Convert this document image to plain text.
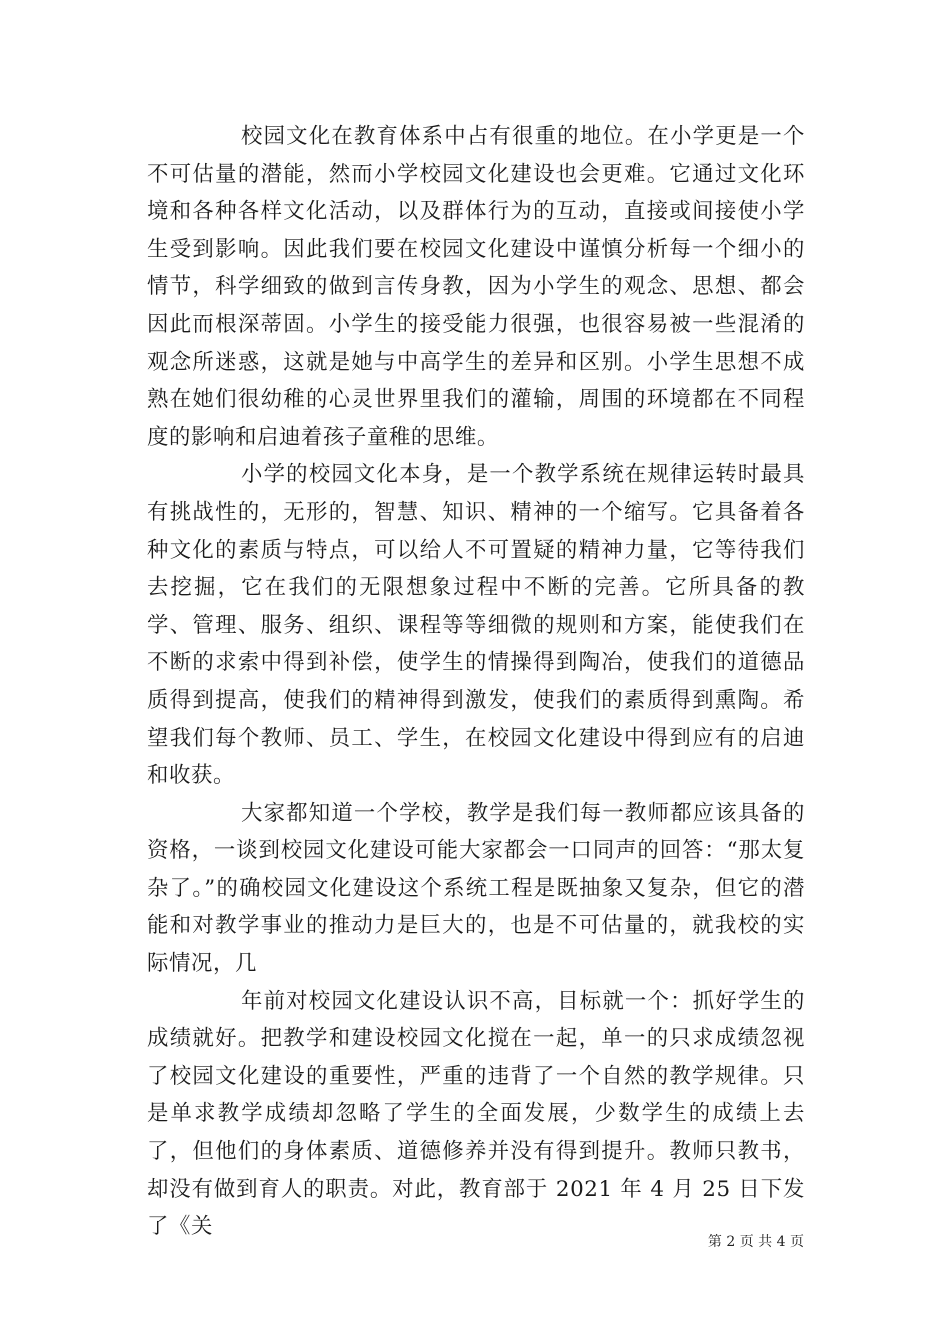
校园文化在教育体系中占有很重的地位。在小学更是一个不可估量的潜能，然而小学校园文化建设也会更难。它通过文化环境和各种各样文化活动，以及群体行为的互动，直接或间接使小学生受到影响。因此我们要在校园文化建设中谨慎分析每一个细小的情节，科学细致的做到言传身教，因为小学生的观念、思想、都会因此而根深蒂固。小学生的接受能力很强，也很容易被一些混淆的观念所迷惑，这就是她与中高学生的差异和区别。小学生思想不成熟在她们很幼稚的心灵世界里我们的灌输，周围的环境都在不同程度的影响和启迪着孩子童稚的思维。

小学的校园文化本身，是一个教学系统在规律运转时最具有挑战性的，无形的，智慧、知识、精神的一个缩写。它具备着各种文化的素质与特点，可以给人不可置疑的精神力量，它等待我们去挖掘，它在我们的无限想象过程中不断的完善。它所具备的教学、管理、服务、组织、课程等等细微的规则和方案，能使我们在不断的求索中得到补偿，使学生的情操得到陶冶，使我们的道德品质得到提高，使我们的精神得到激发，使我们的素质得到熏陶。希望我们每个教师、员工、学生，在校园文化建设中得到应有的启迪和收获。

大家都知道一个学校，教学是我们每一教师都应该具备的资格，一谈到校园文化建设可能大家都会一口同声的回答：“那太复杂了。”的确校园文化建设这个系统工程是既抽象又复杂，但它的潜能和对教学事业的推动力是巨大的，也是不可估量的，就我校的实际情况，几

年前对校园文化建设认识不高，目标就一个：抓好学生的成绩就好。把教学和建设校园文化搅在一起，单一的只求成绩忽视了校园文化建设的重要性，严重的违背了一个自然的教学规律。只是单求教学成绩却忽略了学生的全面发展，少数学生的成绩上去了，但他们的身体素质、道德修养并没有得到提升。教师只教书，却没有做到育人的职责。对此，教育部于 2021 年 4 月 25 日下发了《关

第 2 页 共 4 页
